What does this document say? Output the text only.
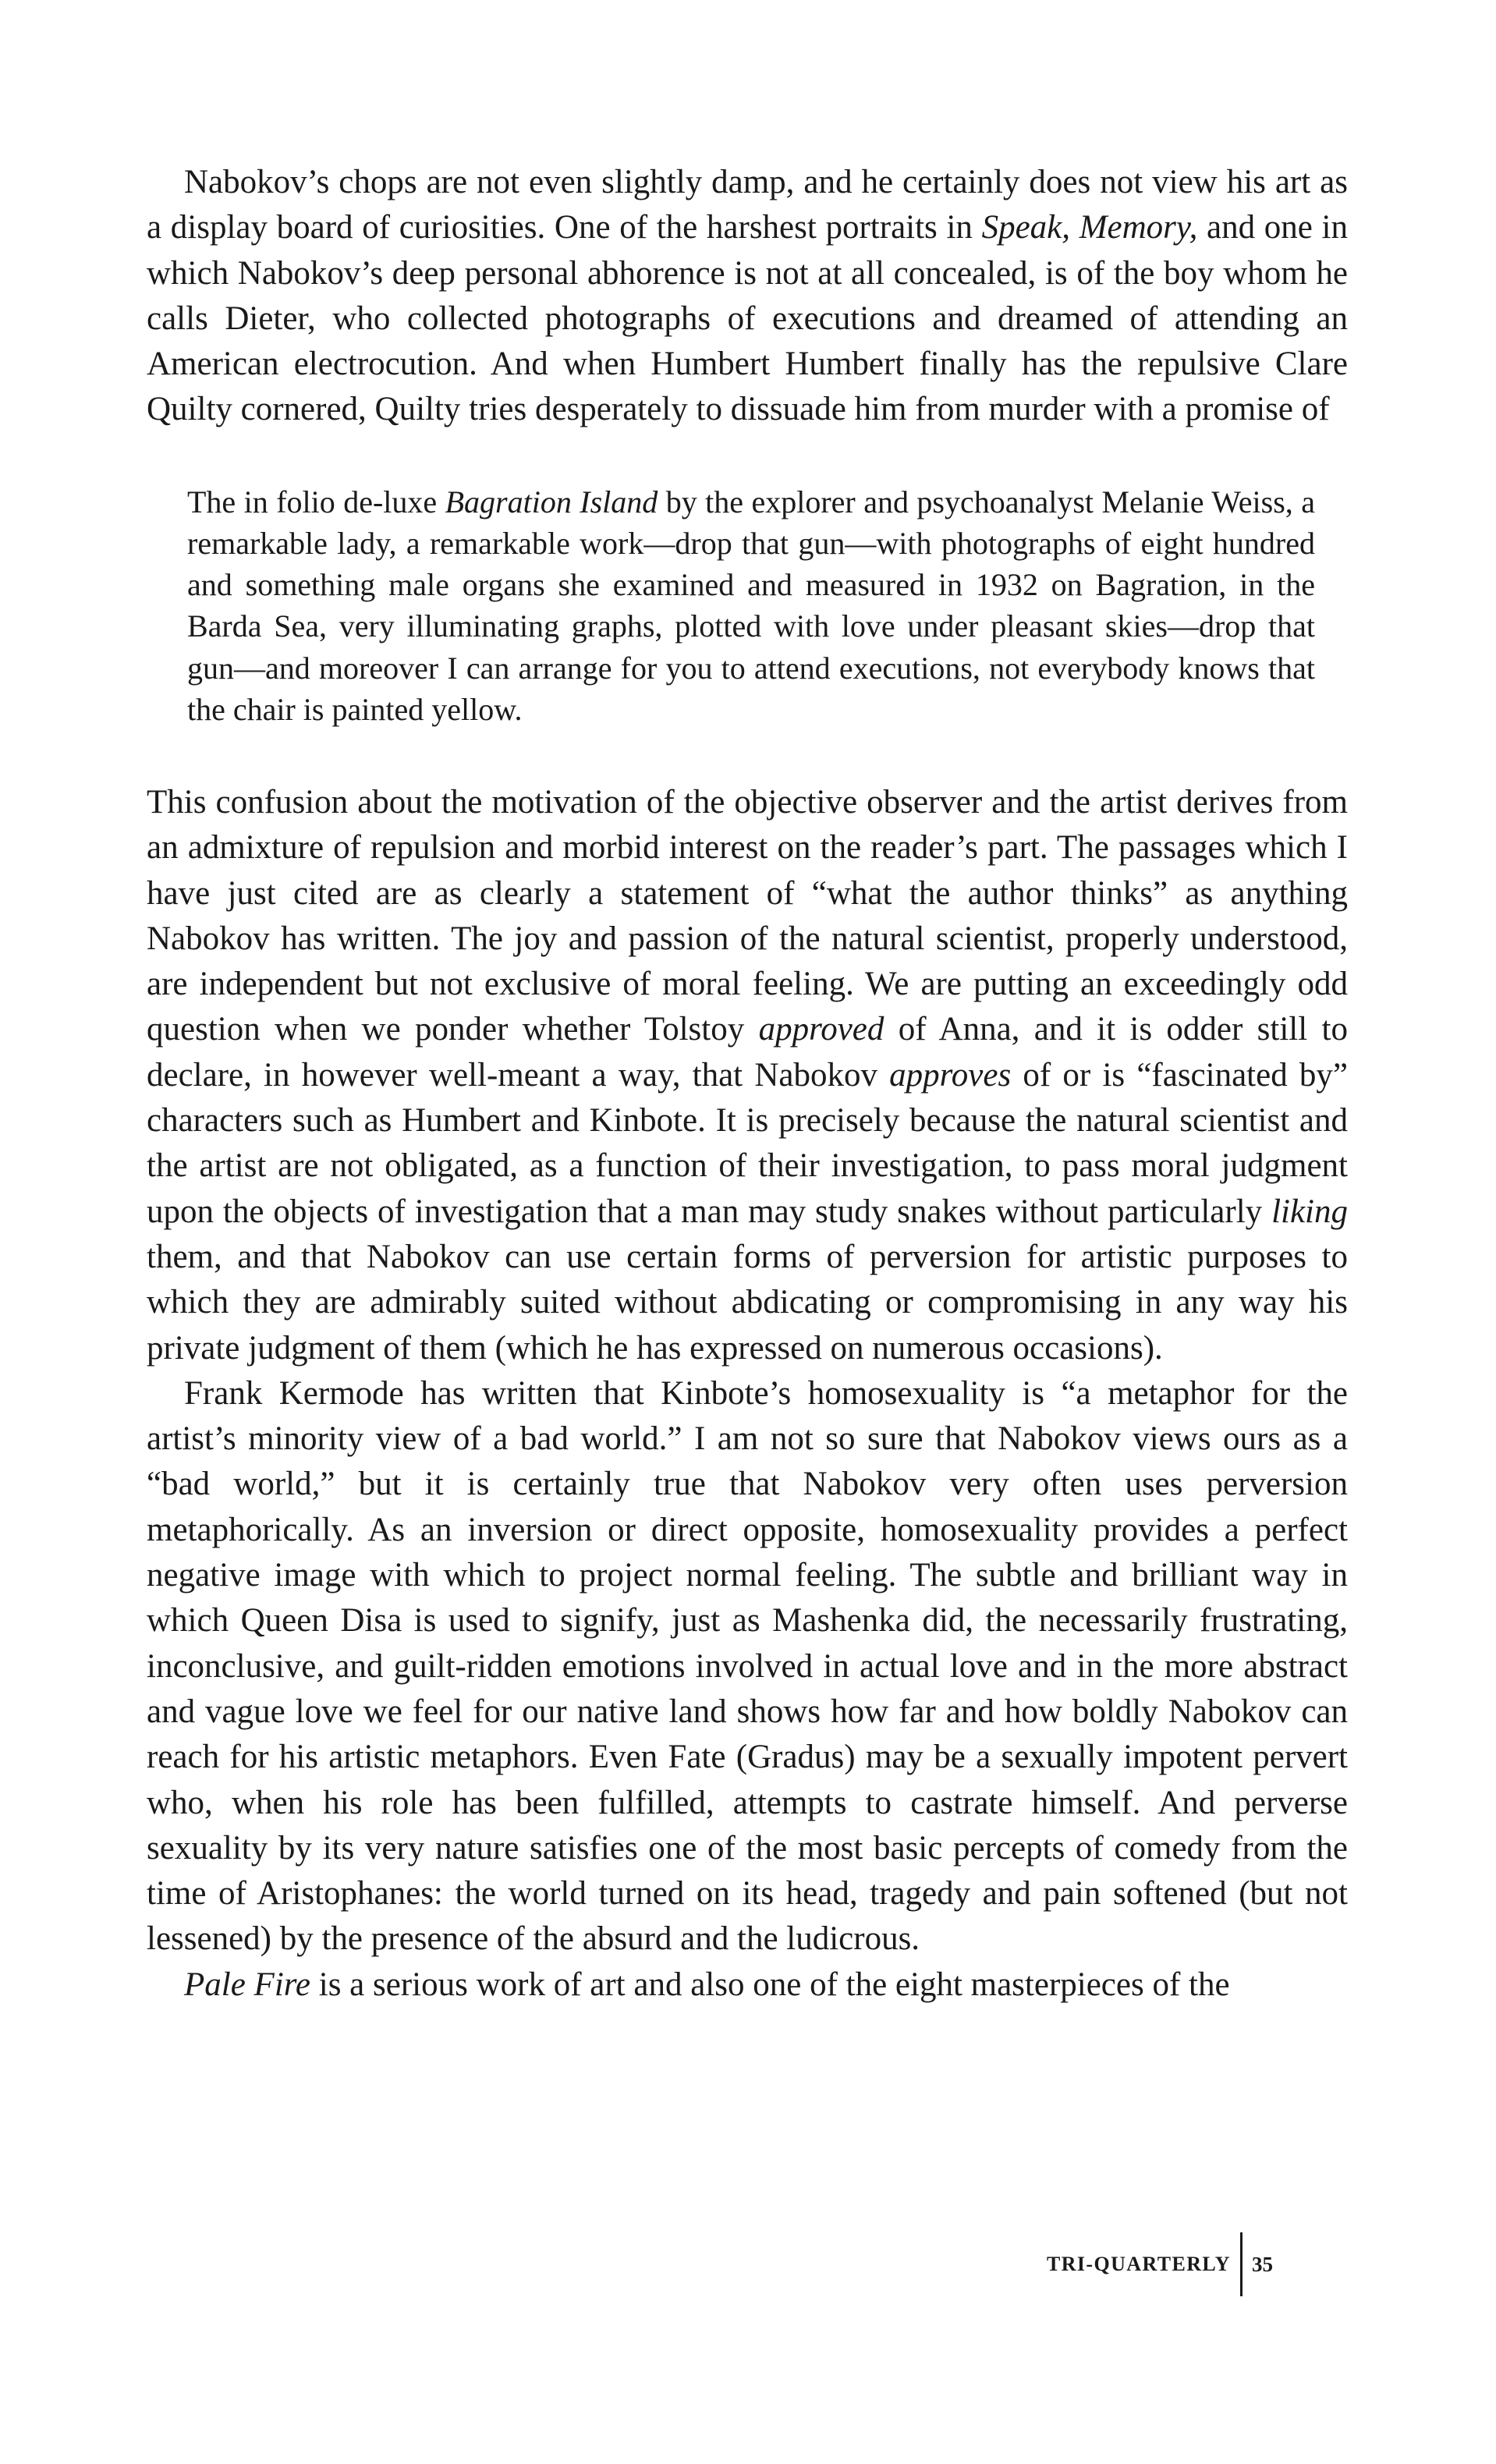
Nabokov’s chops are not even slightly damp, and he certainly does not view his art as a display board of curiosities. One of the harshest portraits in Speak, Memory, and one in which Nabokov’s deep personal abhorence is not at all concealed, is of the boy whom he calls Dieter, who collected photographs of executions and dreamed of attending an American electrocution. And when Humbert Humbert finally has the repulsive Clare Quilty cornered, Quilty tries desperately to dissuade him from murder with a promise of

The in folio de-luxe Bagration Island by the explorer and psychoanalyst Melanie Weiss, a remarkable lady, a remarkable work—drop that gun—with photographs of eight hundred and something male organs she examined and measured in 1932 on Bagration, in the Barda Sea, very illuminating graphs, plotted with love under pleasant skies—drop that gun—and moreover I can arrange for you to attend executions, not everybody knows that the chair is painted yellow.

This confusion about the motivation of the objective observer and the artist derives from an admixture of repulsion and morbid interest on the reader’s part. The passages which I have just cited are as clearly a statement of “what the author thinks” as anything Nabokov has written. The joy and passion of the natural scientist, properly understood, are independent but not exclusive of moral feeling. We are putting an exceedingly odd question when we ponder whether Tolstoy approved of Anna, and it is odder still to declare, in however well-meant a way, that Nabokov approves of or is “fascinated by” characters such as Humbert and Kinbote. It is precisely because the natural scientist and the artist are not obligated, as a function of their investigation, to pass moral judgment upon the objects of investigation that a man may study snakes without particularly liking them, and that Nabokov can use certain forms of perversion for artistic purposes to which they are admirably suited without abdicating or compromising in any way his private judgment of them (which he has expressed on numerous occasions).

Frank Kermode has written that Kinbote’s homosexuality is “a metaphor for the artist’s minority view of a bad world.” I am not so sure that Nabokov views ours as a “bad world,” but it is certainly true that Nabokov very often uses perversion metaphorically. As an inversion or direct opposite, homosexuality provides a perfect negative image with which to project normal feeling. The subtle and brilliant way in which Queen Disa is used to signify, just as Mashenka did, the necessarily frustrating, inconclusive, and guilt-ridden emotions involved in actual love and in the more abstract and vague love we feel for our native land shows how far and how boldly Nabokov can reach for his artistic metaphors. Even Fate (Gradus) may be a sexually impotent pervert who, when his role has been fulfilled, attempts to castrate himself. And perverse sexuality by its very nature satisfies one of the most basic percepts of comedy from the time of Aristophanes: the world turned on its head, tragedy and pain softened (but not lessened) by the presence of the absurd and the ludicrous.

Pale Fire is a serious work of art and also one of the eight masterpieces of the

TRI-QUARTERLY	35
